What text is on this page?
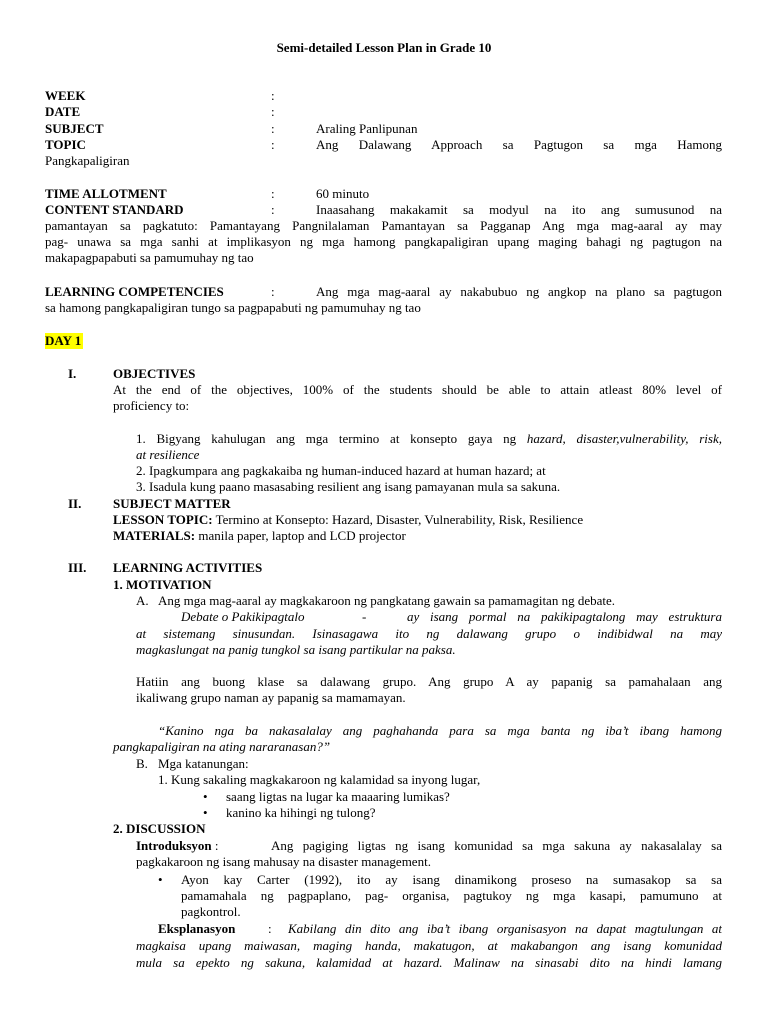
Semi-detailed Lesson Plan in Grade 10
WEEK	:
DATE	:
SUBJECT	:	Araling Panlipunan
TOPIC	:	Ang Dalawang Approach sa Pagtugon sa mga Hamong
Pangkapaligiran
TIME ALLOTMENT	:	60 minuto
CONTENT STANDARD	:	Inaasahang makakamit sa modyul na ito ang sumusunod na
pamantayan sa pagkatuto: Pamantayang Pangnilalaman Pamantayan sa Pagganap Ang mga mag-aaral ay may
pag- unawa sa mga sanhi at implikasyon ng mga hamong pangkapaligiran upang maging bahagi ng pagtugon na
makapagpapabuti sa pamumuhay ng tao
LEARNING COMPETENCIES	:	Ang mga mag-aaral ay nakabubuo ng angkop na plano sa pagtugon
sa hamong pangkapaligiran tungo sa pagpapabuti ng pamumuhay ng tao
DAY 1
I.	OBJECTIVES
At the end of the objectives, 100% of the students should be able to attain atleast 80% level of
proficiency to:
1. Bigyang kahulugan ang mga termino at konsepto gaya ng hazard, disaster,vulnerability, risk,
at resilience
2. Ipagkumpara ang pagkakaiba ng human-induced hazard at human hazard; at
3. Isadula kung paano masasabing resilient ang isang pamayanan mula sa sakuna.
II. SUBJECT MATTER
LESSON TOPIC: Termino at Konsepto: Hazard, Disaster, Vulnerability, Risk, Resilience
MATERIALS: manila paper, laptop and LCD projector
III. LEARNING ACTIVITIES
1. MOTIVATION
A. Ang mga mag-aaral ay magkakaroon ng pangkatang gawain sa pamamagitan ng debate.
Debate o Pakikipagtalo	-	ay isang pormal na pakikipagtalong may estruktura
at sistemang sinusundan. Isinasagawa ito ng dalawang grupo o indibidwal na may
magkaslungat na panig tungkol sa isang partikular na paksa.
Hatiin ang buong klase sa dalawang grupo. Ang grupo A ay papanig sa pamahalaan ang
ikaliwang grupo naman ay papanig sa mamamayan.
“Kanino nga ba nakasalalay ang paghahanda para sa mga banta ng iba’t ibang hamong
pangkapaligiran na ating nararanasan?”
B. Mga katanungan:
1. Kung sakaling magkakaroon ng kalamidad sa inyong lugar,
• saang ligtas na lugar ka maaaring lumikas?
• kanino ka hihingi ng tulong?
2. DISCUSSION
Introduksyon :	Ang pagiging ligtas ng isang komunidad sa mga sakuna ay nakasalalay sa
pagkakaroon ng isang mahusay na disaster management.
• Ayon kay Carter (1992), ito ay isang dinamikong proseso na sumasakop sa sa
pamamahala ng pagpaplano, pag- organisa, pagtukoy ng mga kasapi, pamumuno at
pagkontrol.
Eksplanasyon	: Kabilang din dito ang iba’t ibang organisasyon na dapat magtulungan at
magkaisa upang maiwasan, maging handa, makatugon, at makabangon ang isang komunidad
mula sa epekto ng sakuna, kalamidad at hazard. Malinaw na sinasabi dito na hindi lamang
